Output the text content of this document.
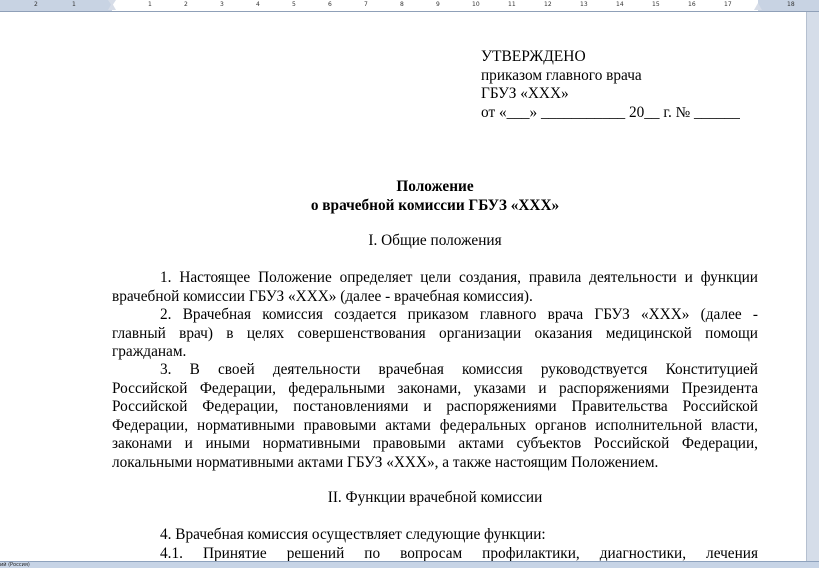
2	1	1	2	3	4	5	6	7	8	9	10	11	12	13	14	15	16	17	18
УТВЕРЖДЕНО
приказом главного врача
ГБУЗ «ХХХ»
от «___» ___________ 20__ г. № ______
Положение
о врачебной комиссии ГБУЗ «ХХХ»
I. Общие положения
1. Настоящее Положение определяет цели создания, правила деятельности и функции
врачебной комиссии ГБУЗ «ХХХ» (далее - врачебная комиссия).
2. Врачебная комиссия создается приказом главного врача ГБУЗ «ХХХ» (далее -
главный врач) в целях совершенствования организации оказания медицинской помощи
гражданам.
3. В своей деятельности врачебная комиссия руководствуется Конституцией
Российской Федерации, федеральными законами, указами и распоряжениями Президента
Российской Федерации, постановлениями и распоряжениями Правительства Российской
Федерации, нормативными правовыми актами федеральных органов исполнительной власти,
законами и иными нормативными правовыми актами субъектов Российской Федерации,
локальными нормативными актами ГБУЗ «ХХХ», а также настоящим Положением.
II. Функции врачебной комиссии
4. Врачебная комиссия осуществляет следующие функции:
4.1. Принятие решений по вопросам профилактики, диагностики, лечения
ий (Россия)
